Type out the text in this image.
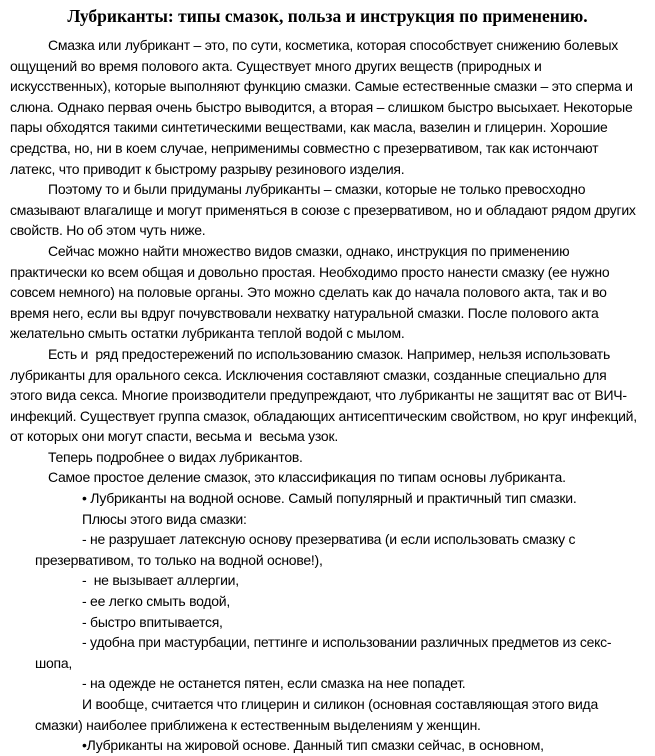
Лубриканты: типы смазок, польза и инструкция по применению.

Смазка или лубрикант – это, по сути, косметика, которая способствует снижению болевых
ощущений во время полового акта. Существует много других веществ (природных и
искусственных), которые выполняют функцию смазки. Самые естественные смазки – это сперма и
слюна. Однако первая очень быстро выводится, а вторая – слишком быстро высыхает. Некоторые
пары обходятся такими синтетическими веществами, как масла, вазелин и глицерин. Хорошие
средства, но, ни в коем случае, неприменимы совместно с презервативом, так как истончают
латекс, что приводит к быстрому разрыву резинового изделия.

Поэтому то и были придуманы лубриканты – смазки, которые не только превосходно
смазывают влагалище и могут применяться в союзе с презервативом, но и обладают рядом других
свойств. Но об этом чуть ниже.

Сейчас можно найти множество видов смазки, однако, инструкция по применению
практически ко всем общая и довольно простая. Необходимо просто нанести смазку (ее нужно
совсем немного) на половые органы. Это можно сделать как до начала полового акта, так и во
время него, если вы вдруг почувствовали нехватку натуральной смазки. После полового акта
желательно смыть остатки лубриканта теплой водой с мылом.

Есть и  ряд предостережений по использованию смазок. Например, нельзя использовать
лубриканты для орального секса. Исключения составляют смазки, созданные специально для
этого вида секса. Многие производители предупреждают, что лубриканты не защитят вас от ВИЧ-
инфекций. Существует группа смазок, обладающих антисептическим свойством, но круг инфекций,
от которых они могут спасти, весьма и  весьма узок.

Теперь подробнее о видах лубрикантов.

Самое простое деление смазок, это классификация по типам основы лубриканта.

• Лубриканты на водной основе. Самый популярный и практичный тип смазки.

Плюсы этого вида смазки:

- не разрушает латексную основу презерватива (и если использовать смазку с
презервативом, то только на водной основе!),

-  не вызывает аллергии,

- ее легко смыть водой,

- быстро впитывается,

- удобна при мастурбации, петтинге и использовании различных предметов из секс-
шопа,

- на одежде не останется пятен, если смазка на нее попадет.

И вообще, считается что глицерин и силикон (основная составляющая этого вида
смазки) наиболее приближена к естественным выделениям у женщин.

•Лубриканты на жировой основе. Данный тип смазки сейчас, в основном,
